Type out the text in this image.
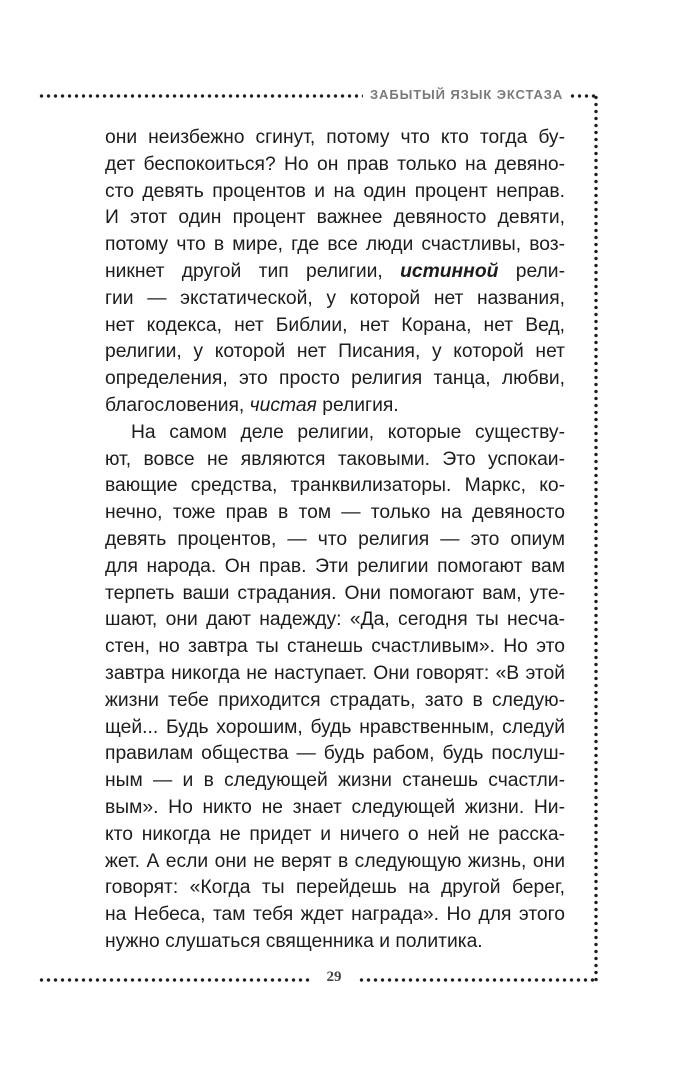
ЗАБЫТЫЙ ЯЗЫК ЭКСТАЗА
они неизбежно сгинут, потому что кто тогда бу-
дет беспокоиться? Но он прав только на девяно-
сто девять процентов и на один процент неправ.
И этот один процент важнее девяносто девяти,
потому что в мире, где все люди счастливы, воз-
никнет другой тип религии, истинной рели-
гии — экстатической, у которой нет названия,
нет кодекса, нет Библии, нет Корана, нет Вед,
религии, у которой нет Писания, у которой нет
определения, это просто религия танца, любви,
благословения, чистая религия.
На самом деле религии, которые существу-
ют, вовсе не являются таковыми. Это успокаи-
вающие средства, транквилизаторы. Маркс, ко-
нечно, тоже прав в том — только на девяносто
девять процентов, — что религия — это опиум
для народа. Он прав. Эти религии помогают вам
терпеть ваши страдания. Они помогают вам, уте-
шают, они дают надежду: «Да, сегодня ты несча-
стен, но завтра ты станешь счастливым». Но это
завтра никогда не наступает. Они говорят: «В этой
жизни тебе приходится страдать, зато в следую-
щей... Будь хорошим, будь нравственным, следуй
правилам общества — будь рабом, будь послуш-
ным — и в следующей жизни станешь счастли-
вым». Но никто не знает следующей жизни. Ни-
кто никогда не придет и ничего о ней не расска-
жет. А если они не верят в следующую жизнь, они
говорят: «Когда ты перейдешь на другой берег,
на Небеса, там тебя ждет награда». Но для этого
нужно слушаться священника и политика.
29
